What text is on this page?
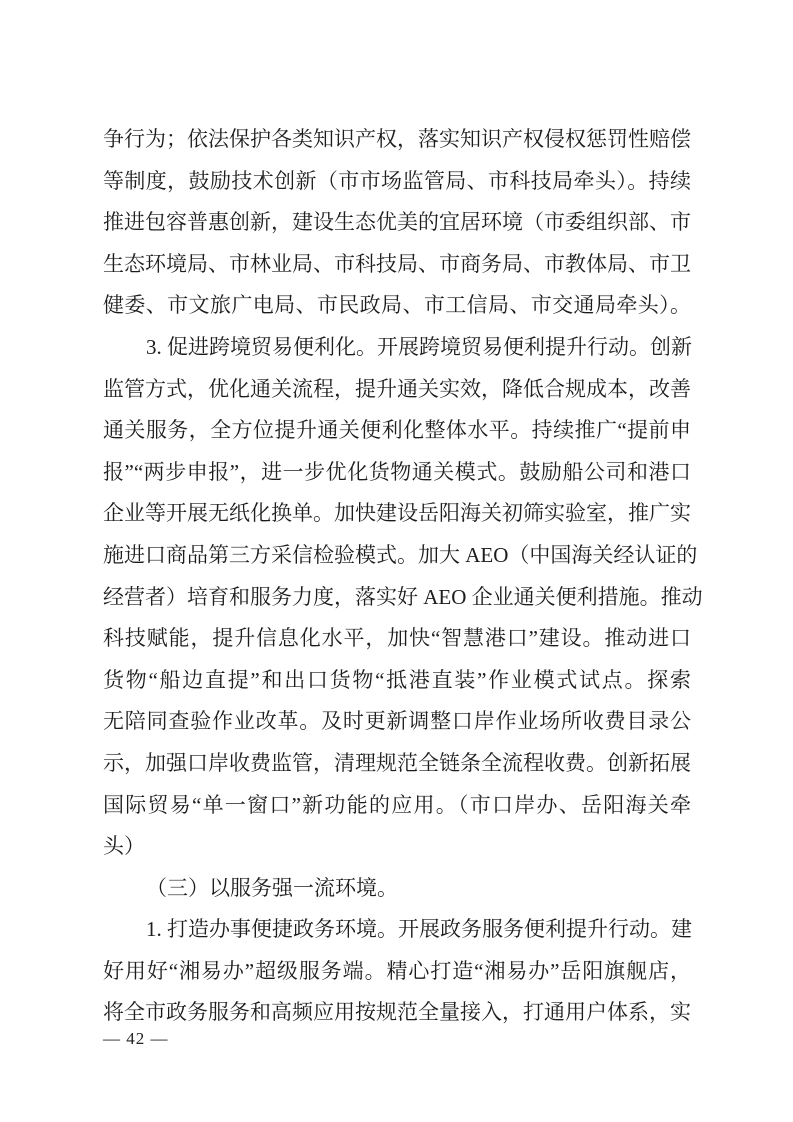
争行为；依法保护各类知识产权，落实知识产权侵权惩罚性赔偿
等制度，鼓励技术创新（市市场监管局、市科技局牵头）。持续
推进包容普惠创新，建设生态优美的宜居环境（市委组织部、市
生态环境局、市林业局、市科技局、市商务局、市教体局、市卫
健委、市文旅广电局、市民政局、市工信局、市交通局牵头）。
3. 促进跨境贸易便利化。开展跨境贸易便利提升行动。创新
监管方式，优化通关流程，提升通关实效，降低合规成本，改善
通关服务，全方位提升通关便利化整体水平。持续推广“提前申
报”“两步申报”，进一步优化货物通关模式。鼓励船公司和港口
企业等开展无纸化换单。加快建设岳阳海关初筛实验室，推广实
施进口商品第三方采信检验模式。加大 AEO（中国海关经认证的
经营者）培育和服务力度，落实好 AEO 企业通关便利措施。推动
科技赋能，提升信息化水平，加快“智慧港口”建设。推动进口
货物“船边直提”和出口货物“抵港直装”作业模式试点。探索
无陪同查验作业改革。及时更新调整口岸作业场所收费目录公
示，加强口岸收费监管，清理规范全链条全流程收费。创新拓展
国际贸易“单一窗口”新功能的应用。（市口岸办、岳阳海关牵
头）
（三）以服务强一流环境。
1. 打造办事便捷政务环境。开展政务服务便利提升行动。建
好用好“湘易办”超级服务端。精心打造“湘易办”岳阳旗舰店，
将全市政务服务和高频应用按规范全量接入，打通用户体系，实
— 42 —
